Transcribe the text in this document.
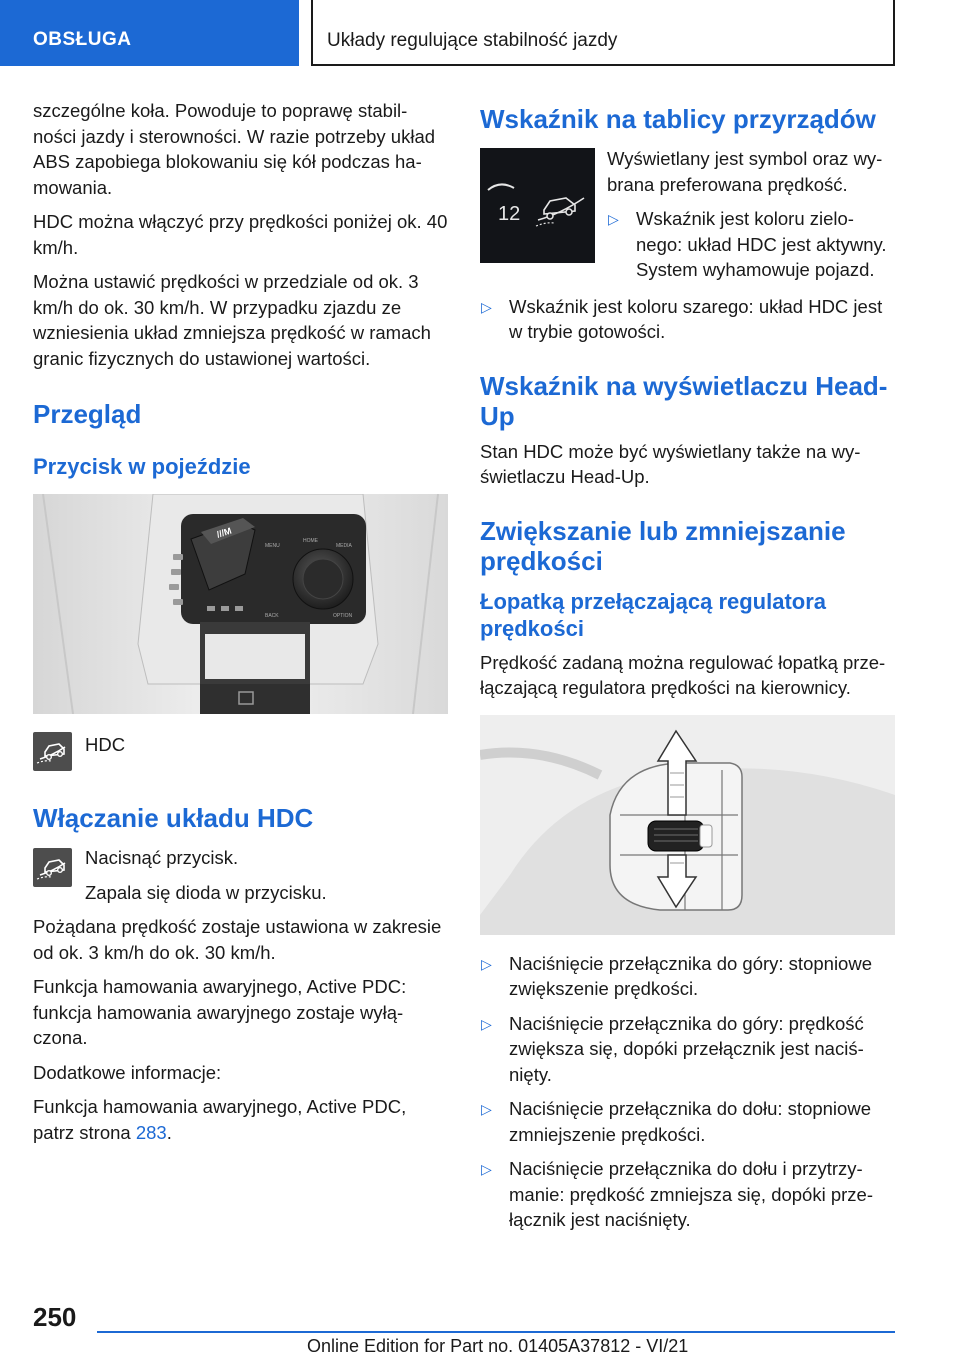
OBSŁUGA	Układy regulujące stabilność jazdy

szczególne koła. Powoduje to poprawę stabil-ności jazdy i sterowności. W razie potrzeby układ ABS zapobiega blokowaniu się kół podczas ha-mowania.

HDC można włączyć przy prędkości poniżej ok. 40 km/h.

Można ustawić prędkości w przedziale od ok. 3 km/h do ok. 30 km/h. W przypadku zjazdu ze wzniesienia układ zmniejsza prędkość w ramach granic fizycznych do ustawionej wartości.

Przegląd
Przycisk w pojeździe
///M
MENU
HOME
MEDIA
BACK	OPTION
HDC
Włączanie układu HDC

Nacisnąć przycisk.

Zapala się dioda w przycisku.

Pożądana prędkość zostaje ustawiona w zakresie od ok. 3 km/h do ok. 30 km/h.

Funkcja hamowania awaryjnego, Active PDC: funkcja hamowania awaryjnego zostaje wyłą-czona.

Dodatkowe informacje:

Funkcja hamowania awaryjnego, Active PDC, patrz strona 283.

Wskaźnik na tablicy przyrządów
12

Wyświetlany jest symbol oraz wy-brana preferowana prędkość.

▷ Wskaźnik jest koloru zielo-nego: układ HDC jest aktywny. System wyhamowuje pojazd.
▷ Wskaźnik jest koloru szarego: układ HDC jest w trybie gotowości.
Wskaźnik na wyświetlaczu Head-Up

Stan HDC może być wyświetlany także na wy-świetlaczu Head-Up.

Zwiększanie lub zmniejszanie prędkości
Łopatką przełączającą regulatora prędkości

Prędkość zadaną można regulować łopatką prze-łączającą regulatora prędkości na kierownicy.

▷ Naciśnięcie przełącznika do góry: stopniowe zwiększenie prędkości.
▷ Naciśnięcie przełącznika do góry: prędkość zwiększa się, dopóki przełącznik jest naciś-nięty.
▷ Naciśnięcie przełącznika do dołu: stopniowe zmniejszenie prędkości.
▷ Naciśnięcie przełącznika do dołu i przytrzy-manie: prędkość zmniejsza się, dopóki prze-łącznik jest naciśnięty.
250
Online Edition for Part no. 01405A37812 - VI/21
